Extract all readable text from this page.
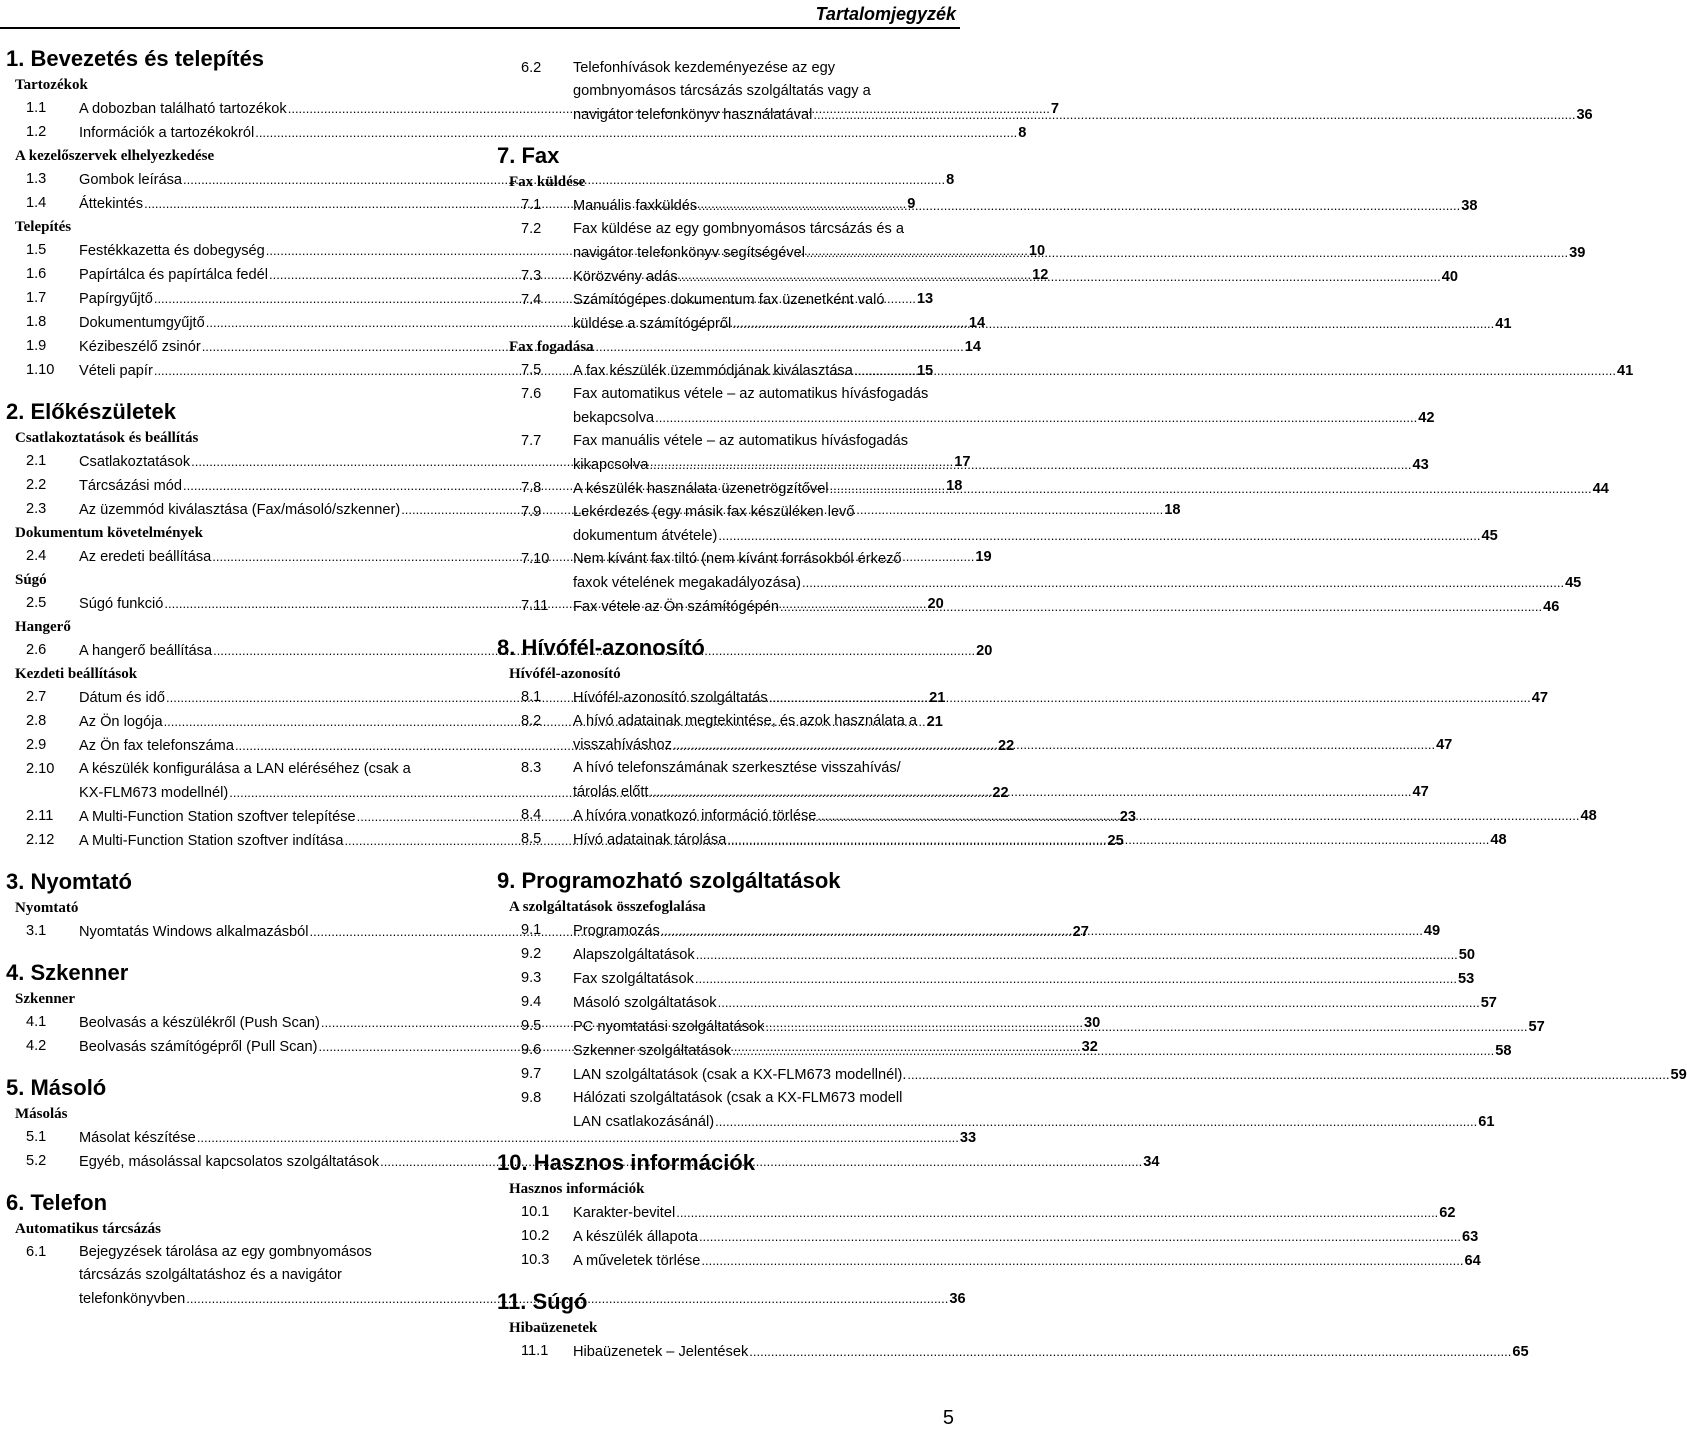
Tartalomjegyzék
1. Bevezetés és telepítés
Tartozékok
1.1	A dobozban található tartozékok .....	7
1.2	Információk a tartozékokról .....	8
A kezelőszervek elhelyezkedése
1.3	Gombok leírása .....	8
1.4	Áttekintés .....	9
Telepítés
1.5	Festékkazetta és dobegység .....	10
1.6	Papírtálca és papírtálca fedél .....	12
1.7	Papírgyűjtő .....	13
1.8	Dokumentumgyűjtő .....	14
1.9	Kézibeszélő zsinór .....	14
1.10	Vételi papír .....	15
2. Előkészületek
Csatlakoztatások és beállítás
2.1	Csatlakoztatások .....	17
2.2	Tárcsázási mód .....	18
2.3	Az üzemmód kiválasztása (Fax/másoló/szkenner) .....	18
Dokumentum követelmények
2.4	Az eredeti beállítása .....	19
Súgó
2.5	Súgó funkció .....	20
Hangerő
2.6	A hangerő beállítása .....	20
Kezdeti beállítások
2.7	Dátum és idő .....	21
2.8	Az Ön logója .....	21
2.9	Az Ön fax telefonszáma .....	22
2.10	A készülék konfigurálása a LAN eléréséhez (csak a
KX-FLM673 modellnél) .....	22
2.11	A Multi-Function Station szoftver telepítése .....	23
2.12	A Multi-Function Station szoftver indítása .....	25
3. Nyomtató
Nyomtató
3.1	Nyomtatás Windows alkalmazásból .....	27
4. Szkenner
Szkenner
4.1	Beolvasás a készülékről (Push Scan) .....	30
4.2	Beolvasás számítógépről (Pull Scan) .....	32
5. Másoló
Másolás
5.1	Másolat készítése .....	33
5.2	Egyéb, másolással kapcsolatos szolgáltatások .....	34
6. Telefon
Automatikus tárcsázás
6.1	Bejegyzések tárolása az egy gombnyomásos
tárcsázás szolgáltatáshoz és a navigátor
telefonkönyvben .....	36
6.2	Telefonhívások kezdeményezése az egy
gombnyomásos tárcsázás szolgáltatás vagy a
navigátor telefonkönyv használatával .....	36
7. Fax
Fax küldése
7.1	Manuális faxküldés .....	38
7.2	Fax küldése az egy gombnyomásos tárcsázás és a
navigátor telefonkönyv segítségével .....	39
7.3	Körözvény adás .....	40
7.4	Számítógépes dokumentum fax üzenetként való
küldése a számítógépről .....	41
Fax fogadása
7.5	A fax készülék üzemmódjának kiválasztása .....	41
7.6	Fax automatikus vétele – az automatikus hívásfogadás
bekapcsolva .....	42
7.7	Fax manuális vétele – az automatikus hívásfogadás
kikapcsolva .....	43
7.8	A készülék használata üzenetrögzítővel .....	44
7.9	Lekérdezés (egy másik fax készüléken levő
dokumentum átvétele) .....	45
7.10	Nem kívánt fax tiltó (nem kívánt forrásokból érkező
faxok vételének megakadályozása) .....	45
7.11	Fax vétele az Ön számítógépén .....	46
8. Hívófél-azonosító
Hívófél-azonosító
8.1	Hívófél-azonosító szolgáltatás .....	47
8.2	A hívó adatainak megtekintése, és azok használata a
visszahíváshoz .....	47
8.3	A hívó telefonszámának szerkesztése visszahívás/
tárolás előtt .....	47
8.4	A hívóra vonatkozó információ törlése .....	48
8.5	Hívó adatainak tárolása .....	48
9. Programozható szolgáltatások
A szolgáltatások összefoglalása
9.1	Programozás .....	49
9.2	Alapszolgáltatások .....	50
9.3	Fax szolgáltatások .....	53
9.4	Másoló szolgáltatások .....	57
9.5	PC nyomtatási szolgáltatások .....	57
9.6	Szkenner szolgáltatások .....	58
9.7	LAN szolgáltatások (csak a KX-FLM673 modellnél). .....	59
9.8	Hálózati szolgáltatások (csak a KX-FLM673 modell
LAN csatlakozásánál) .....	61
10. Hasznos információk
Hasznos információk
10.1	Karakter-bevitel .....	62
10.2	A készülék állapota .....	63
10.3	A műveletek törlése .....	64
11. Súgó
Hibaüzenetek
11.1	Hibaüzenetek – Jelentések .....	65
5
